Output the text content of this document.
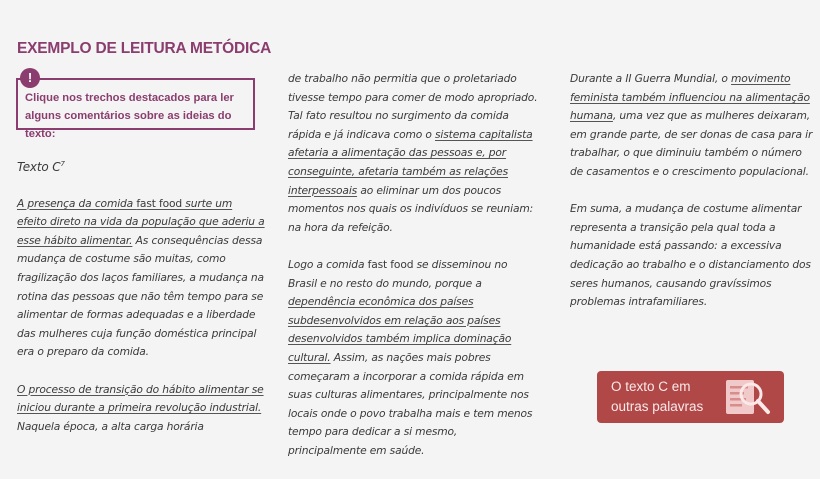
EXEMPLO DE LEITURA METÓDICA
!
Clique nos trechos destacados para ler
alguns comentários sobre as ideias do texto:

Texto $C^7$

A presença da comida fast food surte um efeito direto na vida da população que aderiu a esse hábito alimentar. As consequências dessa mudança de costume são muitas, como fragilização dos laços familiares, a mudança na rotina das pessoas que não têm tempo para se alimentar de formas adequadas e a liberdade das mulheres cuja função doméstica principal era o preparo da comida.

O processo de transição do hábito alimentar se iniciou durante a primeira revolução industrial. Naquela época, a alta carga horária

de trabalho não permitia que o proletariado tivesse tempo para comer de modo apropriado. Tal fato resultou no surgimento da comida rápida e já indicava como o sistema capitalista afetaria a alimentação das pessoas e, por conseguinte, afetaria também as relações interpessoais ao eliminar um dos poucos momentos nos quais os indivíduos se reuniam: na hora da refeição.

Logo a comida fast food se disseminou no Brasil e no resto do mundo, porque a dependência econômica dos países subdesenvolvidos em relação aos países desenvolvidos também implica dominação cultural. Assim, as nações mais pobres começaram a incorporar a comida rápida em suas culturas alimentares, principalmente nos locais onde o povo trabalha mais e tem menos tempo para dedicar a si mesmo, principalmente em saúde.

Durante a II Guerra Mundial, o movimento feminista também influenciou na alimentação humana, uma vez que as mulheres deixaram, em grande parte, de ser donas de casa para ir trabalhar, o que diminuiu também o número de casamentos e o crescimento populacional.

Em suma, a mudança de costume alimentar representa a transição pela qual toda a humanidade está passando: a excessiva dedicação ao trabalho e o distanciamento dos seres humanos, causando gravíssimos problemas intrafamiliares.

O texto C em outras palavras
